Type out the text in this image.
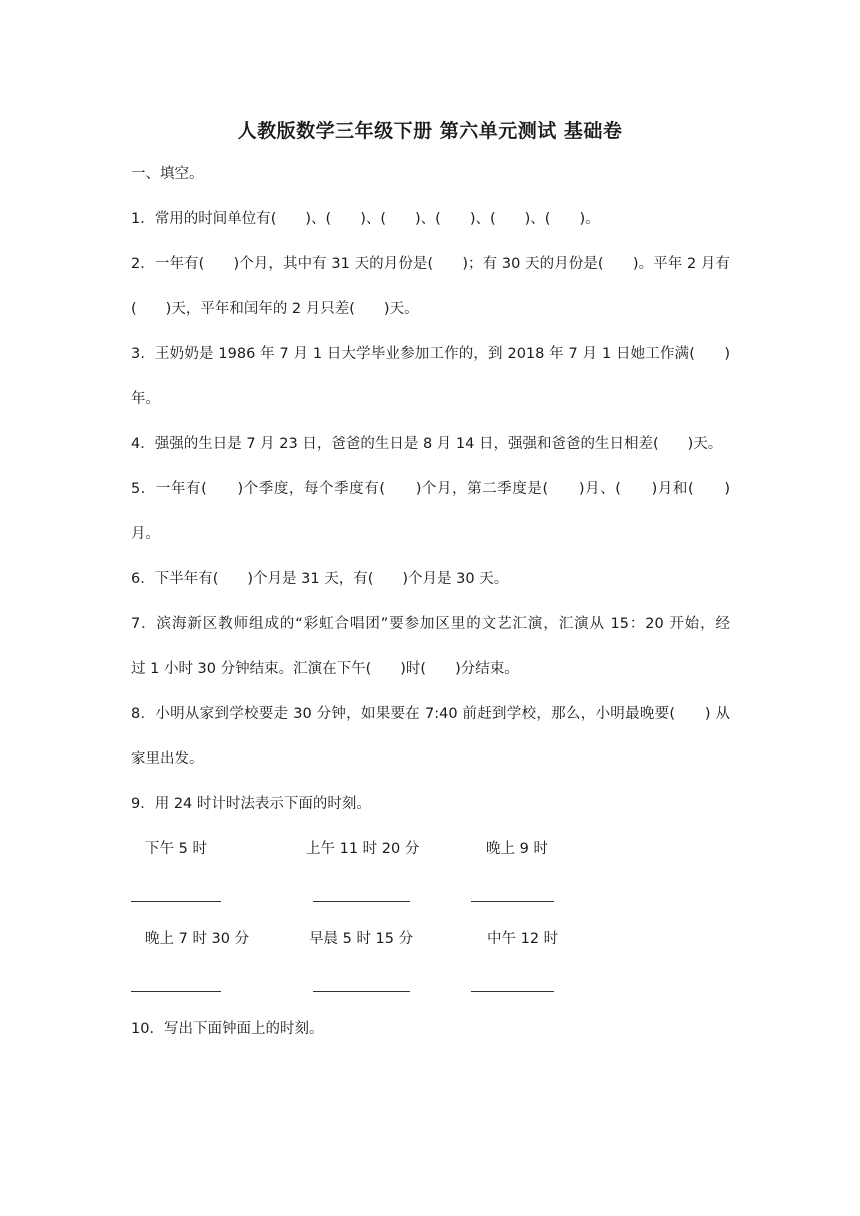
人教版数学三年级下册 第六单元测试 基础卷
一、填空。
1．常用的时间单位有(　　)、(　　)、(　　)、(　　)、(　　)、(　　)。
2．一年有(　　)个月，其中有 31 天的月份是(　　)；有 30 天的月份是(　　)。平年 2 月有
(　　)天，平年和闰年的 2 月只差(　　)天。
3．王奶奶是 1986 年 7 月 1 日大学毕业参加工作的，到 2018 年 7 月 1 日她工作满(　　)
年。
4．强强的生日是 7 月 23 日，爸爸的生日是 8 月 14 日，强强和爸爸的生日相差(　　)天。
5．一年有(　　)个季度，每个季度有(　　)个月，第二季度是(　　)月、(　　)月和(　　)
月。
6．下半年有(　　)个月是 31 天，有(　　)个月是 30 天。
7．滨海新区教师组成的“彩虹合唱团”要参加区里的文艺汇演，汇演从 15：20 开始，经
过 1 小时 30 分钟结束。汇演在下午(　　)时(　　)分结束。
8．小明从家到学校要走 30 分钟，如果要在 7:40 前赶到学校，那么，小明最晚要(　　) 从
家里出发。
9．用 24 时计时法表示下面的时刻。
下午 5 时	上午 11 时 20 分	晚上 9 时
晚上 7 时 30 分	早晨 5 时 15 分	中午 12 时
10．写出下面钟面上的时刻。
